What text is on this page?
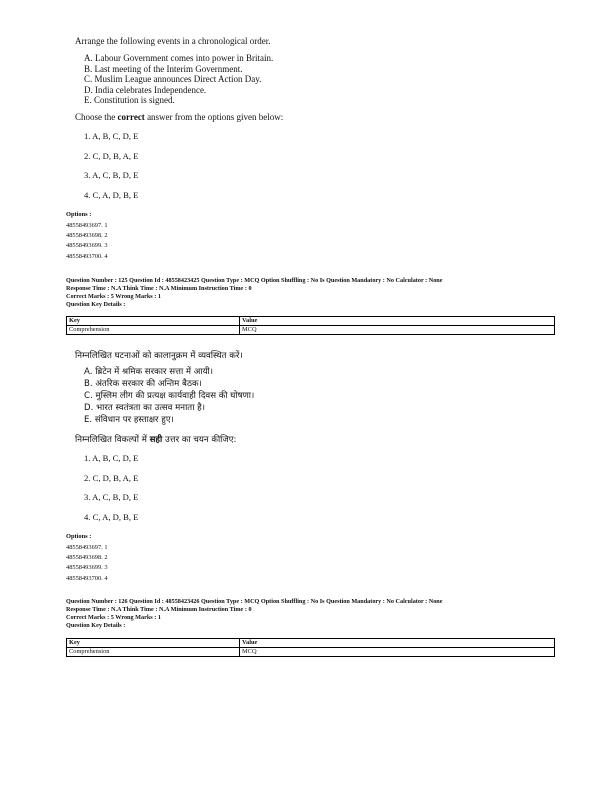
Arrange the following events in a chronological order.
A. Labour Government comes into power in Britain.
B. Last meeting of the Interim Government.
C. Muslim League announces Direct Action Day.
D. India celebrates Independence.
E. Constitution is signed.
Choose the correct answer from the options given below:
1. A, B, C, D, E
2. C, D, B, A, E
3. A, C, B, D, E
4. C, A, D, B, E
Options :
48558493697. 1
48558493698. 2
48558493699. 3
48558493700. 4
Question Number : 125 Question Id : 48558423425 Question Type : MCQ Option Shuffling : No Is Question Mandatory : No Calculator : None
Response Time : N.A Think Time : N.A Minimum Instruction Time : 0
Correct Marks : 5 Wrong Marks : 1
Question Key Details :
Key	Value
Comprehension	MCQ
निम्नलिखित घटनाओं को कालानुक्रम में व्यवस्थित करें।
A. ब्रिटेन में श्रमिक सरकार सत्ता में आयी।
B. अंतरिक सरकार की अन्तिम बैठक।
C. मुस्लिम लीग की प्रत्यक्ष कार्यवाही दिवस की घोषणा।
D. भारत स्वतंत्रता का उत्सव मनाता है।
E. संविधान पर हस्ताक्षर हुए।
निम्नलिखित विकल्पों में सही उत्तर का चयन कीजिए:
1. A, B, C, D, E
2. C, D, B, A, E
3. A, C, B, D, E
4. C, A, D, B, E
Options :
48558493697. 1
48558493698. 2
48558493699. 3
48558493700. 4
Question Number : 126 Question Id : 48558423426 Question Type : MCQ Option Shuffling : No Is Question Mandatory : No Calculator : None
Response Time : N.A Think Time : N.A Minimum Instruction Time : 0
Correct Marks : 5 Wrong Marks : 1
Question Key Details :
Key	Value
Comprehension	MCQ
